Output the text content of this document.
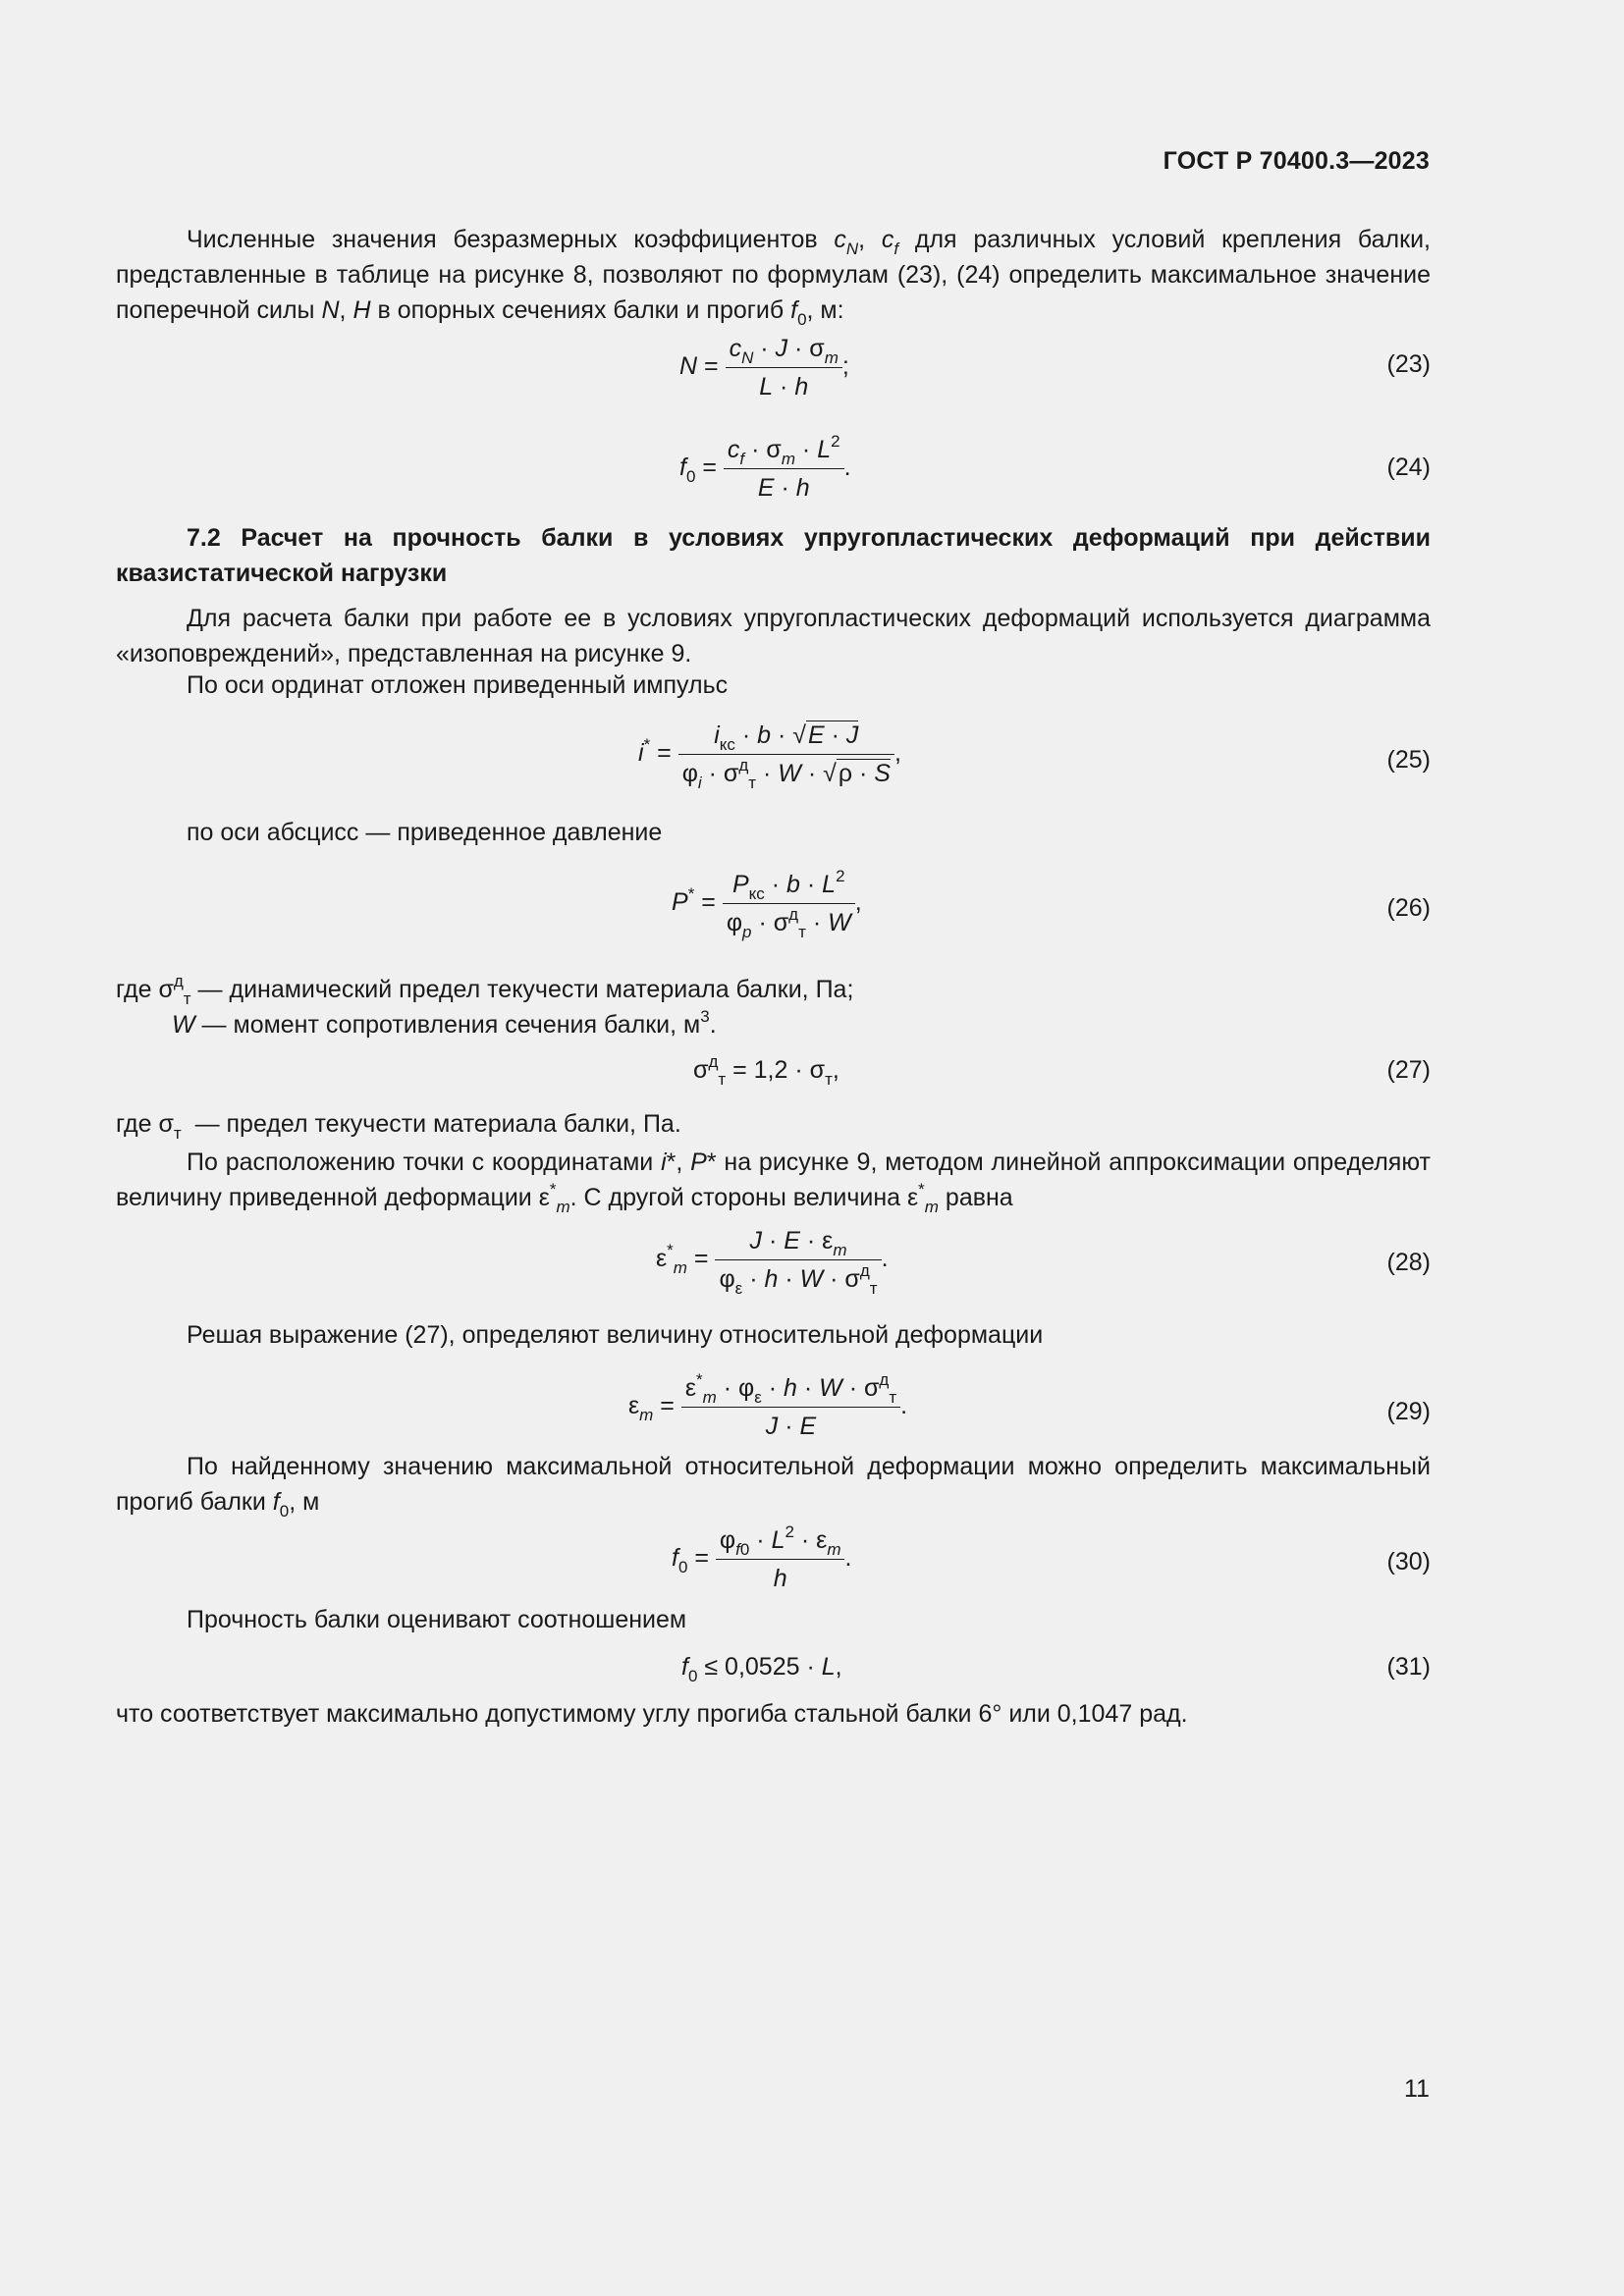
ГОСТ Р 70400.3—2023
Численные значения безразмерных коэффициентов $c_N$, $c_f$ для различных условий крепления балки, представленные в таблице на рисунке 8, позволяют по формулам (23), (24) определить максимальное значение поперечной силы N, H в опорных сечениях балки и прогиб $f_0$, м:
$N = \frac{c_N \cdot J \cdot \sigma_m}{L \cdot h}$ ;	(23)
$f_0 = \frac{c_f \cdot \sigma_m \cdot L^2}{E \cdot h}$ .	(24)
7.2 Расчет на прочность балки в условиях упругопластических деформаций при действии квазистатической нагрузки
Для расчета балки при работе ее в условиях упругопластических деформаций используется диаграмма «изоповреждений», представленная на рисунке 9.
По оси ординат отложен приведенный импульс
$i^* = \frac{i_{кс} \cdot b \cdot √E \cdot J}{\varphi_i \cdot \sigma^д_т \cdot W \cdot √\rho \cdot S}$ ,	(25)
по оси абсцисс — приведенное давление
$P^* = \frac{P_{кс} \cdot b \cdot L^2}{\varphi_p \cdot \sigma^д_т \cdot W}$ ,	(26)
где $\sigma^д_т$ — динамический предел текучести материала балки, Па;
W — момент сопротивления сечения балки, $м^3$.
$\sigma^д_т = 1,2 \cdot \sigma_т$,	(27)
где $\sigma_т$  — предел текучести материала балки, Па.
По расположению точки с координатами i*, P* на рисунке 9, методом линейной аппроксимации определяют величину приведенной деформации $\varepsilon^*_m$. С другой стороны величина $\varepsilon^*_m$ равна
$\varepsilon^*_m = \frac{J \cdot E \cdot \varepsilon_m}{\varphi_\varepsilon \cdot h \cdot W \cdot \sigma^д_т}$ .	(28)
Решая выражение (27), определяют величину относительной деформации
$\varepsilon_m = \frac{\varepsilon^*_m \cdot \varphi_\varepsilon \cdot h \cdot W \cdot \sigma^д_т}{J \cdot E}$ .	(29)
По найденному значению максимальной относительной деформации можно определить максимальный прогиб балки $f_0$, м
$f_0 = \frac{\varphi_{f0} \cdot L^2 \cdot \varepsilon_m}{h}$ .	(30)
Прочность балки оценивают соотношением
$f_0 \le 0,0525 \cdot L$,	(31)
что соответствует максимально допустимому углу прогиба стальной балки 6° или 0,1047 рад.
11
